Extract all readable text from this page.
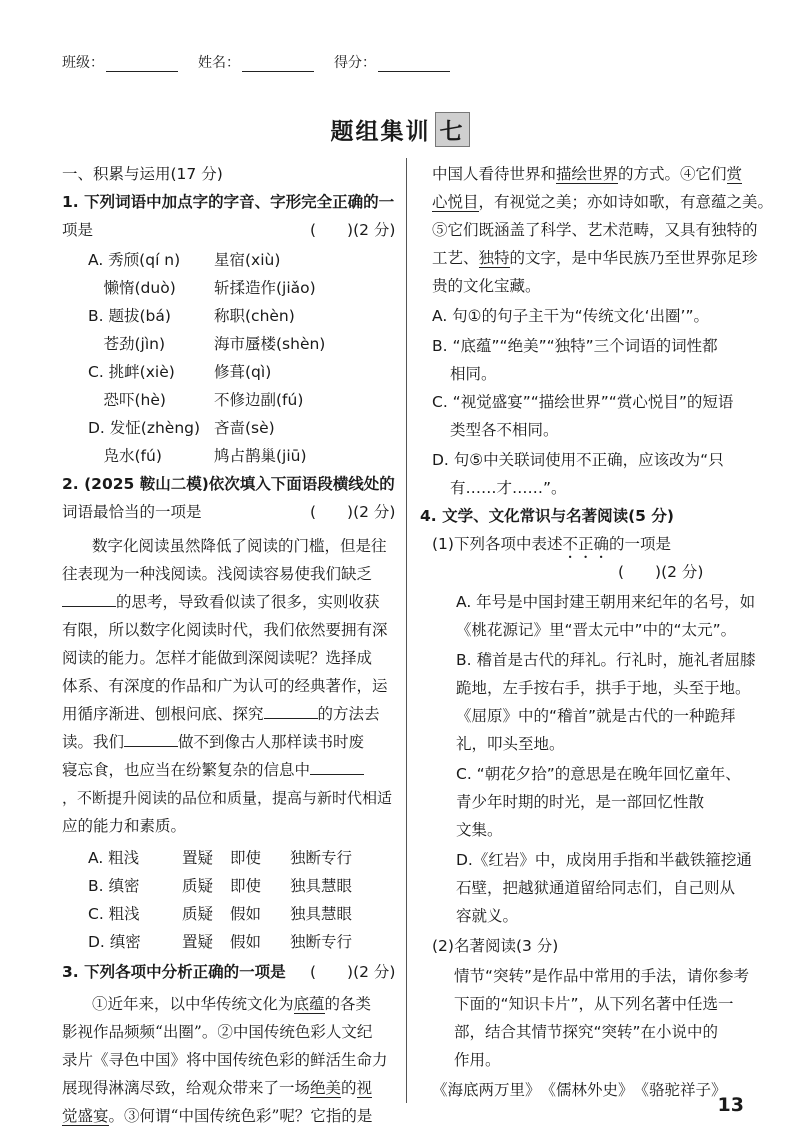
班级：	姓名：	得分：
题组集训 七
一、积累与运用(17 分)
1. 下列词语中加点字的字音、字形完全正确的一
项是	(　　)(2 分)
A. 秀颀(qí n) 星宿(xiù)
　懒惰(duò) 斩揉造作(jiǎo)
B. 题拔(bá)	称职(chèn)
　苍劲(jìn)	海市蜃楼(shèn)
C. 挑衅(xiè)	修葺(qì)
　恐吓(hè)	不修边副(fú)
D. 发怔(zhèng) 吝啬(sè)
　凫水(fú)	鸠占鹊巢(jiū)
2. (2025 鞍山二模)依次填入下面语段横线处的
词语最恰当的一项是	(　　)(2 分)
数字化阅读虽然降低了阅读的门槛，但是往
往表现为一种浅阅读。浅阅读容易使我们缺乏
的思考，导致看似读了很多，实则收获
有限，所以数字化阅读时代，我们依然要拥有深
阅读的能力。怎样才能做到深阅读呢？选择成
体系、有深度的作品和广为认可的经典著作，运
用循序渐进、刨根问底、探究	的方法去
读。我们	做不到像古人那样读书时废
寝忘食，也应当在纷繁复杂的信息中
，不断提升阅读的品位和质量，提高与新时代相适
应的能力和素质。
A. 粗浅	置疑 即使 独断专行
B. 缜密	质疑 即使 独具慧眼
C. 粗浅	质疑 假如 独具慧眼
D. 缜密	置疑 假如 独断专行
3. 下列各项中分析正确的一项是 (　　)(2 分)
①近年来，以中华传统文化为底蕴的各类
影视作品频频“出圈”。②中国传统色彩人文纪
录片《寻色中国》将中国传统色彩的鲜活生命力
展现得淋漓尽致，给观众带来了一场绝美的视
觉盛宴。③何谓“中国传统色彩”呢？它指的是
中国人看待世界和描绘世界的方式。④它们赏
心悦目，有视觉之美；亦如诗如歌，有意蕴之美。
⑤它们既涵盖了科学、艺术范畴，又具有独特的
工艺、独特的文字，是中华民族乃至世界弥足珍
贵的文化宝藏。
A. 句①的句子主干为“传统文化‘出圈’”。
B. “底蕴”“绝美”“独特”三个词语的词性都
相同。
C. “视觉盛宴”“描绘世界”“赏心悦目”的短语
类型各不相同。
D. 句⑤中关联词使用不正确，应该改为“只
有……才……”。
4. 文学、文化常识与名著阅读(5 分)
(1)下列各项中表述不正确的一项是
(　　)(2 分)
A. 年号是中国封建王朝用来纪年的名号，如
《桃花源记》里“晋太元中”中的“太元”。
B. 稽首是古代的拜礼。行礼时，施礼者屈膝
跪地，左手按右手，拱手于地，头至于地。
《屈原》中的“稽首”就是古代的一种跪拜
礼，叩头至地。
C. “朝花夕拾”的意思是在晚年回忆童年、
青少年时期的时光，是一部回忆性散
文集。
D.《红岩》中，成岗用手指和半截铁箍挖通
石壁，把越狱通道留给同志们，自己则从
容就义。
(2)名著阅读(3 分)
情节“突转”是作品中常用的手法，请你参考
下面的“知识卡片”，从下列名著中任选一
部，结合其情节探究“突转”在小说中的
作用。
《海底两万里》　《儒林外史》　《骆驼祥子》
13
